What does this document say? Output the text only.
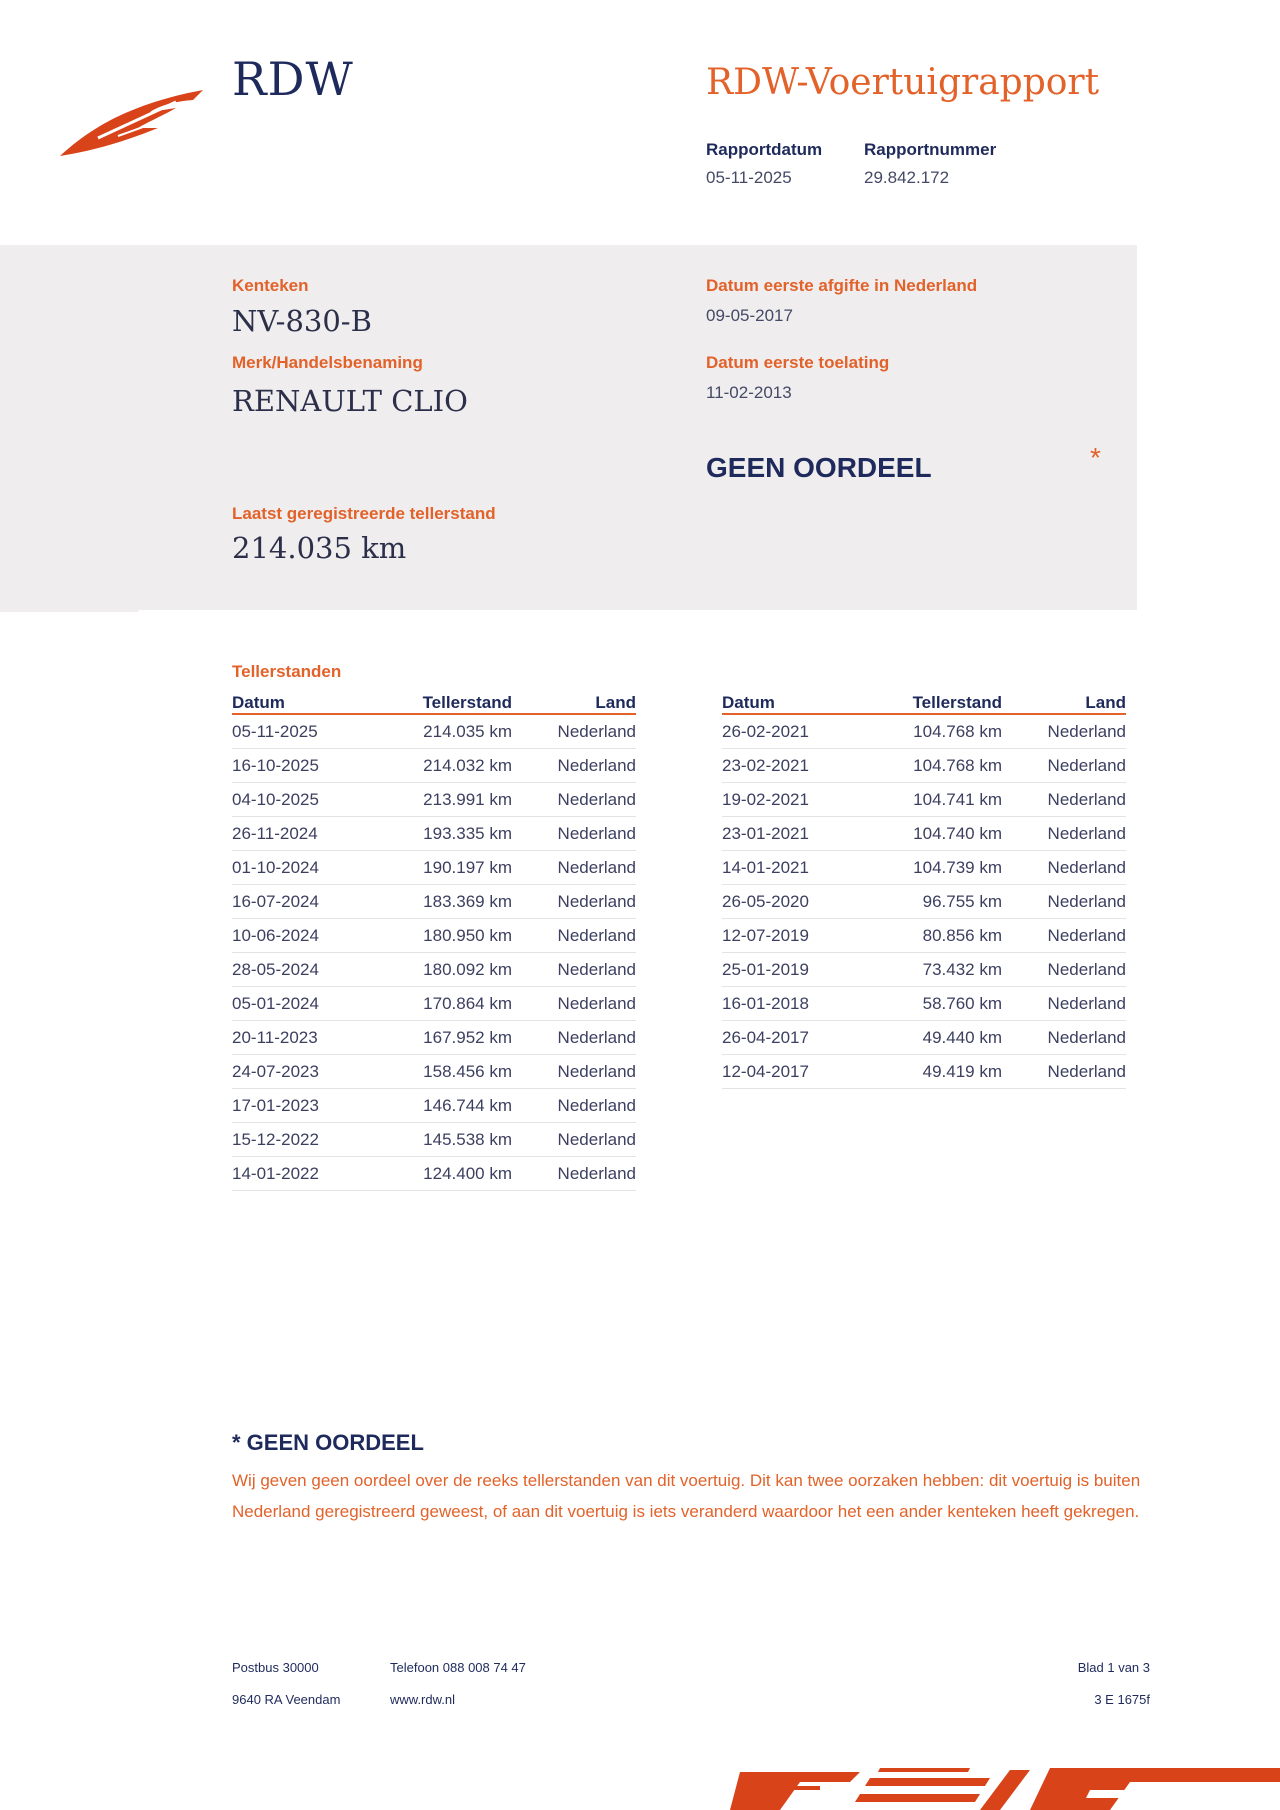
RDW	RDW-Voertuigrapport
Rapportdatum
05-11-2025
Rapportnummer
29.842.172
Kenteken
NV-830-B
Merk/Handelsbenaming
RENAULT CLIO
Datum eerste afgifte in Nederland
09-05-2017
Datum eerste toelating
11-02-2013
GEEN OORDEEL	*
Laatst geregistreerde tellerstand
214.035 km
Tellerstanden
Datum	Tellerstand	Land
05-11-2025	214.035 km	Nederland
16-10-2025	214.032 km	Nederland
04-10-2025	213.991 km	Nederland
26-11-2024	193.335 km	Nederland
01-10-2024	190.197 km	Nederland
16-07-2024	183.369 km	Nederland
10-06-2024	180.950 km	Nederland
28-05-2024	180.092 km	Nederland
05-01-2024	170.864 km	Nederland
20-11-2023	167.952 km	Nederland
24-07-2023	158.456 km	Nederland
17-01-2023	146.744 km	Nederland
15-12-2022	145.538 km	Nederland
14-01-2022	124.400 km	Nederland
Datum	Tellerstand	Land
26-02-2021	104.768 km	Nederland
23-02-2021	104.768 km	Nederland
19-02-2021	104.741 km	Nederland
23-01-2021	104.740 km	Nederland
14-01-2021	104.739 km	Nederland
26-05-2020	96.755 km	Nederland
12-07-2019	80.856 km	Nederland
25-01-2019	73.432 km	Nederland
16-01-2018	58.760 km	Nederland
26-04-2017	49.440 km	Nederland
12-04-2017	49.419 km	Nederland
* GEEN OORDEEL
Wij geven geen oordeel over de reeks tellerstanden van dit voertuig. Dit kan twee oorzaken hebben: dit voertuig is buiten Nederland geregistreerd geweest, of aan dit voertuig is iets veranderd waardoor het een ander kenteken heeft gekregen.
Postbus 30000
9640 RA Veendam
Telefoon 088 008 74 47
www.rdw.nl
Blad 1 van 3
3 E 1675f
